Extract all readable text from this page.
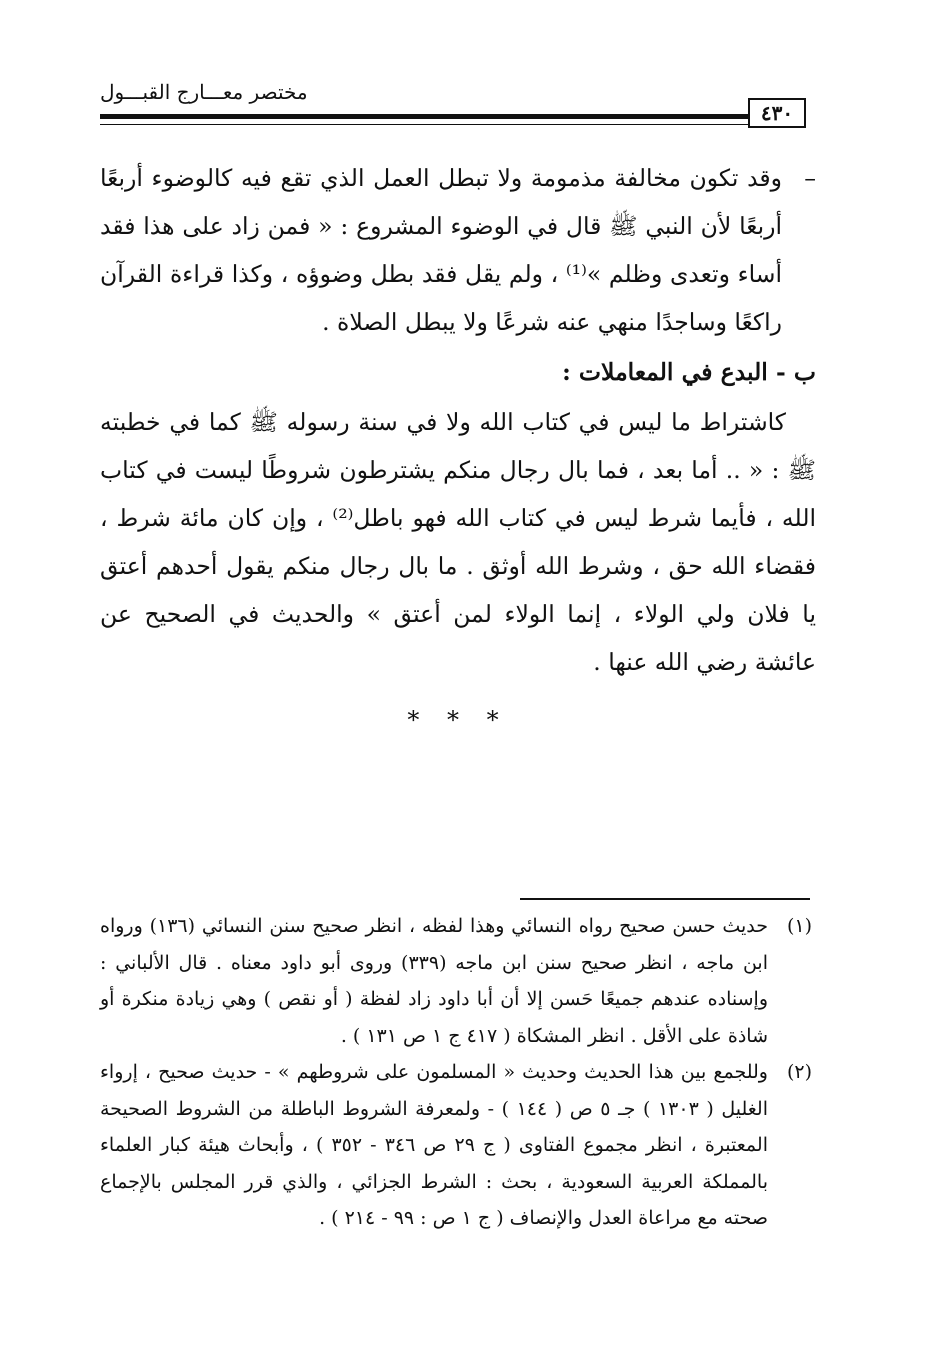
مختصر معـــارج القبـــول
٤٣٠
–
وقد تكون مخالفة مذمومة ولا تبطل العمل الذي تقع فيه كالوضوء أربعًا أربعًا لأن النبي ﷺ قال في الوضوء المشروع : « فمن زاد على هذا فقد أساء وتعدى وظلم »⁽¹⁾ ، ولم يقل فقد بطل وضوؤه ، وكذا قراءة القرآن راكعًا وساجدًا منهي عنه شرعًا ولا يبطل الصلاة .

ب - البدع في المعاملات :

كاشتراط ما ليس في كتاب الله ولا في سنة رسوله ﷺ كما في خطبته ﷺ : « .. أما بعد ، فما بال رجال منكم يشترطون شروطًا ليست في كتاب الله ، فأيما شرط ليس في كتاب الله فهو باطل⁽²⁾ ، وإن كان مائة شرط ، فقضاء الله حق ، وشرط الله أوثق . ما بال رجال منكم يقول أحدهم أعتق يا فلان ولي الولاء ، إنما الولاء لمن أعتق » والحديث في الصحيح عن عائشة رضي الله عنها .

* * *
(١)
حديث حسن صحيح رواه النسائي وهذا لفظه ، انظر صحيح سنن النسائي (١٣٦) ورواه ابن ماجه ، انظر صحيح سنن ابن ماجه (٣٣٩) وروى أبو داود معناه . قال الألباني : وإسناده عندهم جميعًا حَسن إلا أن أبا داود زاد لفظة ( أو نقص ) وهي زيادة منكرة أو شاذة على الأقل . انظر المشكاة ( ٤١٧ ج ١ ص ١٣١ ) .
(٢)
وللجمع بين هذا الحديث وحديث « المسلمون على شروطهم » - حديث صحيح ، إرواء الغليل ( ١٣٠٣ ) جـ ٥ ص ( ١٤٤ ) - ولمعرفة الشروط الباطلة من الشروط الصحيحة المعتبرة ، انظر مجموع الفتاوى ( ج ٢٩ ص ٣٤٦ - ٣٥٢ ) ، وأبحاث هيئة كبار العلماء بالمملكة العربية السعودية ، بحث : الشرط الجزائي ، والذي قرر المجلس بالإجماع صحته مع مراعاة العدل والإنصاف ( ج ١ ص : ٩٩ - ٢١٤ ) .
